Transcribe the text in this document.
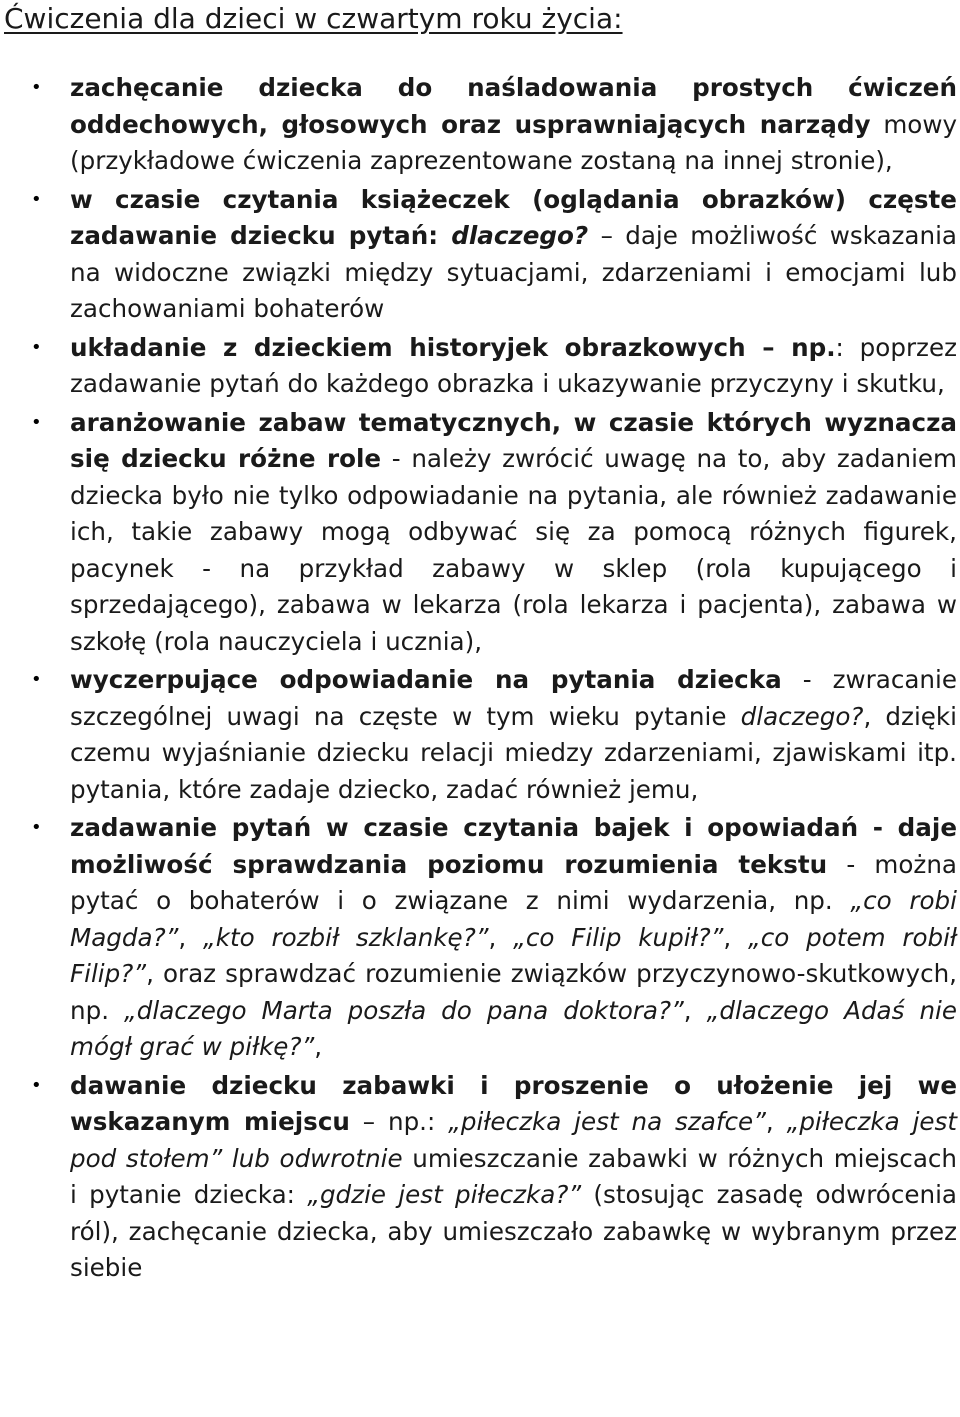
Ćwiczenia dla dzieci w czwartym roku życia:
• zachęcanie dziecka do naśladowania prostych ćwiczeń oddechowych, głosowych oraz usprawniających narządy mowy (przykładowe ćwiczenia zaprezentowane zostaną na innej stronie),
• w czasie czytania książeczek (oglądania obrazków) częste zadawanie dziecku pytań: dlaczego? – daje możliwość wskazania na widoczne związki między sytuacjami, zdarzeniami i emocjami lub zachowaniami bohaterów
• układanie z dzieckiem historyjek obrazkowych – np.: poprzez zadawanie pytań do każdego obrazka i ukazywanie przyczyny i skutku,
• aranżowanie zabaw tematycznych, w czasie których wyznacza się dziecku różne role - należy zwrócić uwagę na to, aby zadaniem dziecka było nie tylko odpowiadanie na pytania, ale również zadawanie ich, takie zabawy mogą odbywać się za pomocą różnych figurek, pacynek - na przykład zabawy w sklep (rola kupującego i sprzedającego), zabawa w lekarza (rola lekarza i pacjenta), zabawa w szkołę (rola nauczyciela i ucznia),
• wyczerpujące odpowiadanie na pytania dziecka - zwracanie szczególnej uwagi na częste w tym wieku pytanie dlaczego?, dzięki czemu wyjaśnianie dziecku relacji miedzy zdarzeniami, zjawiskami itp. pytania, które zadaje dziecko, zadać również jemu,
• zadawanie pytań w czasie czytania bajek i opowiadań - daje możliwość sprawdzania poziomu rozumienia tekstu - można pytać o bohaterów i o związane z nimi wydarzenia, np. „co robi Magda?”, „kto rozbił szklankę?”, „co Filip kupił?”, „co potem robił Filip?”, oraz sprawdzać rozumienie związków przyczynowo-skutkowych, np. „dlaczego Marta poszła do pana doktora?”, „dlaczego Adaś nie mógł grać w piłkę?”,
• dawanie dziecku zabawki i proszenie o ułożenie jej we wskazanym miejscu – np.: „piłeczka jest na szafce”, „piłeczka jest pod stołem” lub odwrotnie umieszczanie zabawki w różnych miejscach i pytanie dziecka: „gdzie jest piłeczka?” (stosując zasadę odwrócenia ról), zachęcanie dziecka, aby umieszczało zabawkę w wybranym przez siebie
